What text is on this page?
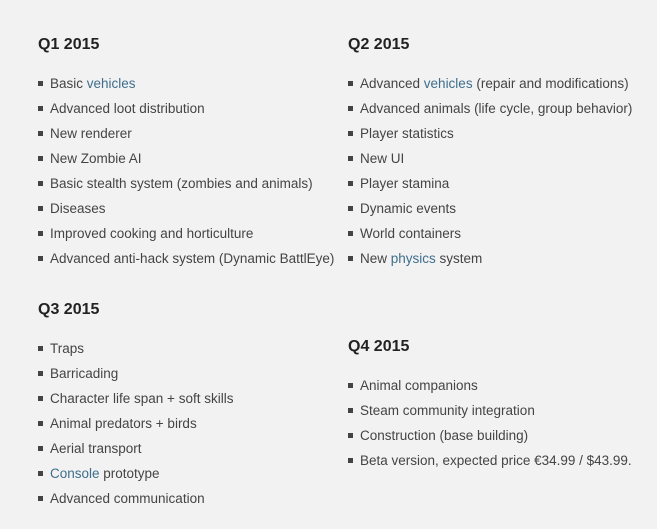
Q1 2015
Basic vehicles
Advanced loot distribution
New renderer
New Zombie AI
Basic stealth system (zombies and animals)
Diseases
Improved cooking and horticulture
Advanced anti-hack system (Dynamic BattlEye)
Q2 2015
Advanced vehicles (repair and modifications)
Advanced animals (life cycle, group behavior)
Player statistics
New UI
Player stamina
Dynamic events
World containers
New physics system
Q3 2015
Traps
Barricading
Character life span + soft skills
Animal predators + birds
Aerial transport
Console prototype
Advanced communication
Q4 2015
Animal companions
Steam community integration
Construction (base building)
Beta version, expected price €34.99 / $43.99.
